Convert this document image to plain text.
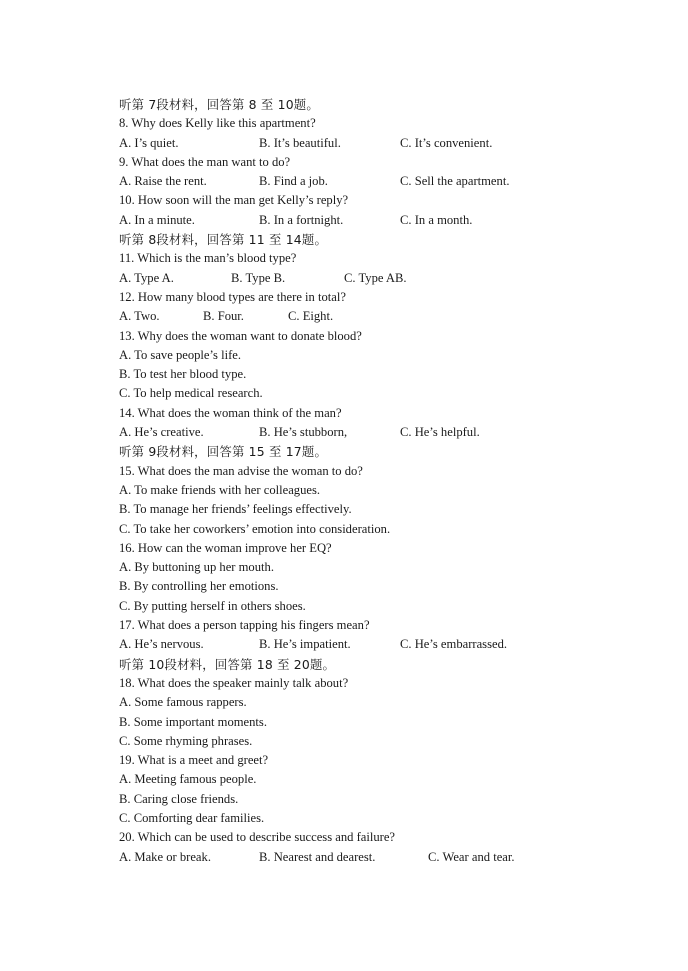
听第 7段材料，回答第 8 至 10题。
8. Why does Kelly like this apartment?
A. I’s quiet.	B. It’s beautiful.	C. It’s convenient.
9. What does the man want to do?
A. Raise the rent.	B. Find a job.	C. Sell the apartment.
10. How soon will the man get Kelly’s reply?
A. In a minute.	B. In a fortnight.	C. In a month.
听第 8段材料，回答第 11 至 14题。
11. Which is the man’s blood type?
A. Type A.	B. Type B.	C. Type AB.
12. How many blood types are there in total?
A. Two.	B. Four.	C. Eight.
13. Why does the woman want to donate blood?
A. To save people’s life.
B. To test her blood type.
C. To help medical research.
14. What does the woman think of the man?
A. He’s creative.	B. He’s stubborn,	C. He’s helpful.
听第 9段材料，回答第 15 至 17题。
15. What does the man advise the woman to do?
A. To make friends with her colleagues.
B. To manage her friends’ feelings effectively.
C. To take her coworkers’ emotion into consideration.
16. How can the woman improve her EQ?
A. By buttoning up her mouth.
B. By controlling her emotions.
C. By putting herself in others shoes.
17. What does a person tapping his fingers mean?
A. He’s nervous.	B. He’s impatient.	C. He’s embarrassed.
听第 10段材料，回答第 18 至 20题。
18. What does the speaker mainly talk about?
A. Some famous rappers.
B. Some important moments.
C. Some rhyming phrases.
19. What is a meet and greet?
A. Meeting famous people.
B. Caring close friends.
C. Comforting dear families.
20. Which can be used to describe success and failure?
A. Make or break.	B. Nearest and dearest.	C. Wear and tear.
